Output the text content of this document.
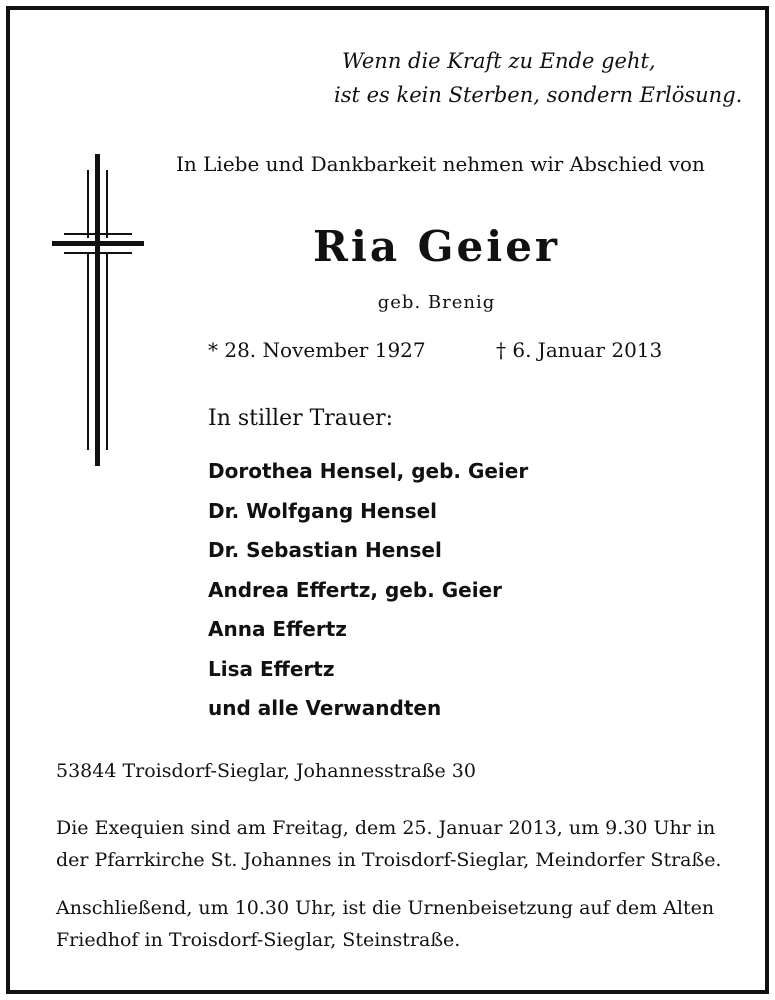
Wenn die Kraft zu Ende geht,
ist es kein Sterben, sondern Erlösung.
In Liebe und Dankbarkeit nehmen wir Abschied von
Ria Geier
geb. Brenig
* 28. November 1927	† 6. Januar 2013
In stiller Trauer:
Dorothea Hensel, geb. Geier
Dr. Wolfgang Hensel
Dr. Sebastian Hensel
Andrea Effertz, geb. Geier
Anna Effertz
Lisa Effertz
und alle Verwandten
53844 Troisdorf-Sieglar, Johannesstraße 30
Die Exequien sind am Freitag, dem 25. Januar 2013, um 9.30 Uhr in der Pfarrkirche St. Johannes in Troisdorf-Sieglar, Meindorfer Straße.
Anschließend, um 10.30 Uhr, ist die Urnenbeisetzung auf dem Alten Friedhof in Troisdorf-Sieglar, Steinstraße.
